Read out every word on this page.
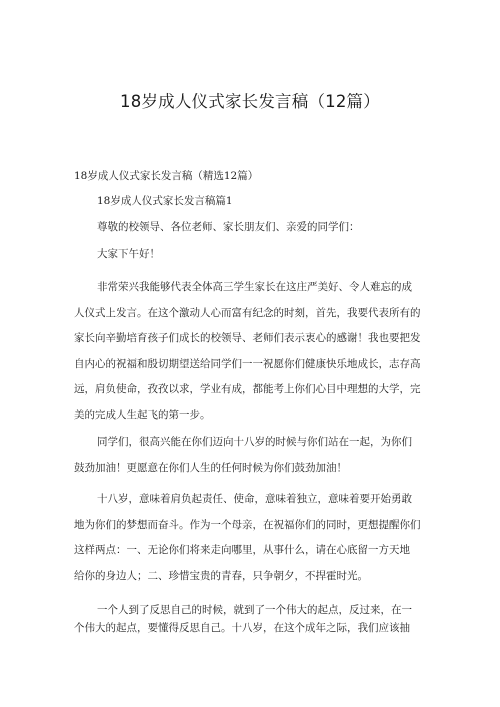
18岁成人仪式家长发言稿（12篇）
18岁成人仪式家长发言稿（精选12篇）
18岁成人仪式家长发言稿篇1
尊敬的校领导、各位老师、家长朋友们、亲爱的同学们：
大家下午好！
非常荣兴我能够代表全体高三学生家长在这庄严美好、令人难忘的成
人仪式上发言。在这个激动人心而富有纪念的时刻，首先，我要代表所有的
家长向辛勤培育孩子们成长的校领导、老师们表示衷心的感谢！我也要把发
自内心的祝福和殷切期望送给同学们一一祝愿你们健康快乐地成长，志存高
远，肩负使命，孜孜以求，学业有成，都能考上你们心目中理想的大学，完
美的完成人生起飞的第一步。
同学们，很高兴能在你们迈向十八岁的时候与你们站在一起，为你们
鼓劲加油！更愿意在你们人生的任何时候为你们鼓劲加油！
十八岁，意味着肩负起责任、使命，意味着独立，意味着要开始勇敢
地为你们的梦想而奋斗。作为一个母亲，在祝福你们的同时，更想提醒你们
这样两点：一、无论你们将来走向哪里，从事什么，请在心底留一方天地
给你的身边人；二、珍惜宝贵的青春，只争朝夕，不捍霍时光。
一个人到了反思自己的时候，就到了一个伟大的起点，反过来，在一
个伟大的起点，要懂得反思自己。十八岁，在这个成年之际，我们应该抽
